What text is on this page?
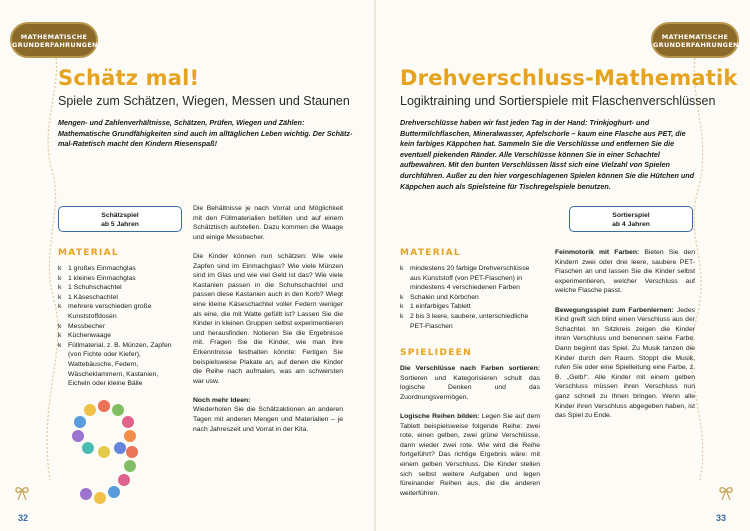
MATHEMATISCHE
GRUNDERFAHRUNGEN
Schätz mal!
Spiele zum Schätzen, Wiegen, Messen und Staunen
Mengen- und Zahlenverhältnisse, Schätzen, Prüfen, Wiegen und Zählen: Mathematische Grundfähigkeiten sind auch im alltäglichen Leben wichtig. Der Schätz-mal-Ratetisch macht den Kindern Riesenspaß!
Schätzspiel
ab 5 Jahren
MATERIAL
k 1 großes Einmachglas
k 1 kleines Einmachglas
k 1 Schuhschachtel
k 1 Käseschachtel
k mehrere verschieden große Kunststoffdosen
k Messbecher
k Küchenwaage
k Füllmaterial, z. B. Münzen, Zapfen (von Fichte oder Kiefer), Wattebäusche, Federn, Wäscheklammern, Kastanien, Eicheln oder kleine Bälle

Die Behältnisse je nach Vorrat und Möglichkeit mit den Füllmaterialien befüllen und auf einem Schätztisch aufstellen. Dazu kommen die Waage und einige Messbecher.

Die Kinder können nun schätzen: Wie viele Zapfen sind im Einmachglas? Wie viele Münzen sind im Glas und wie viel Geld ist das? Wie viele Kastanien passen in die Schuhschachtel und passen diese Kastanien auch in den Korb? Wiegt eine kleine Käseschachtel voller Federn weniger als eine, die mit Watte gefüllt ist? Lassen Sie die Kinder in kleinen Gruppen selbst experimentieren und herausfinden. Notieren Sie die Ergebnisse mit. Fragen Sie die Kinder, wie man ihre Erkenntnisse festhalten könnte: Fertigen Sie beispielsweise Plakate an, auf denen die Kinder die Reihe nach aufmalen, was am schwersten war usw.

Noch mehr Ideen:
Wiederholen Sie die Schätzaktionen an anderen Tagen mit anderen Mengen und Materialien – je nach Jahreszeit und Vorrat in der Kita.
32
MATHEMATISCHE
GRUNDERFAHRUNGEN
Drehverschluss-Mathematik
Logiktraining und Sortierspiele mit Flaschenverschlüssen
Drehverschlüsse haben wir fast jeden Tag in der Hand: Trinkjoghurt- und Buttermilchflaschen, Mineralwasser, Apfelschorle – kaum eine Flasche aus PET, die kein farbiges Käppchen hat. Sammeln Sie die Verschlüsse und entfernen Sie die eventuell piekenden Ränder. Alle Verschlüsse können Sie in einer Schachtel aufbewahren. Mit den bunten Verschlüssen lässt sich eine Vielzahl von Spielen durchführen. Außer zu den hier vorgeschlagenen Spielen können Sie die Hütchen und Käppchen auch als Spielsteine für Tischregelspiele benutzen.
Sortierspiel
ab 4 Jahren
MATERIAL
k mindestens 20 farbige Drehverschlüsse aus Kunststoff (von PET-Flaschen) in mindestens 4 verschiedenen Farben
k Schalen und Körbchen
k 1 einfarbiges Tablett
k 2 bis 3 leere, saubere, unterschiedliche PET-Flaschen
SPIELIDEEN

Die Verschlüsse nach Farben sortieren: Sortieren und Kategorisieren schult das logische Denken und das Zuordnungsvermögen.

Logische Reihen bilden: Legen Sie auf dem Tablett beispielsweise folgende Reihe: zwei rote, einen gelben, zwei grüne Verschlüsse, dann wieder zwei rote. Wie wird die Reihe fortgeführt? Das richtige Ergebnis wäre: mit einem gelben Verschluss. Die Kinder stellen sich selbst weitere Aufgaben und legen füreinander Reihen aus, die die anderen weiterführen.

Feinmotorik mit Farben: Bieten Sie den Kindern zwei oder drei leere, saubere PET-Flaschen an und lassen Sie die Kinder selbst experimentieren, welcher Verschluss auf welche Flasche passt.

Bewegungsspiel zum Farbenlernen: Jedes Kind greift sich blind einen Verschluss aus der Schachtel. Im Sitzkreis zeigen die Kinder ihren Verschluss und benennen seine Farbe. Dann beginnt das Spiel. Zu Musik tanzen die Kinder durch den Raum. Stoppt die Musik, rufen Sie oder eine Spielleitung eine Farbe, z. B. „Gelb!“. Alle Kinder mit einem gelben Verschluss müssen ihren Verschluss nun ganz schnell zu Ihnen bringen. Wenn alle Kinder ihren Verschluss abgegeben haben, ist das Spiel zu Ende.

33
